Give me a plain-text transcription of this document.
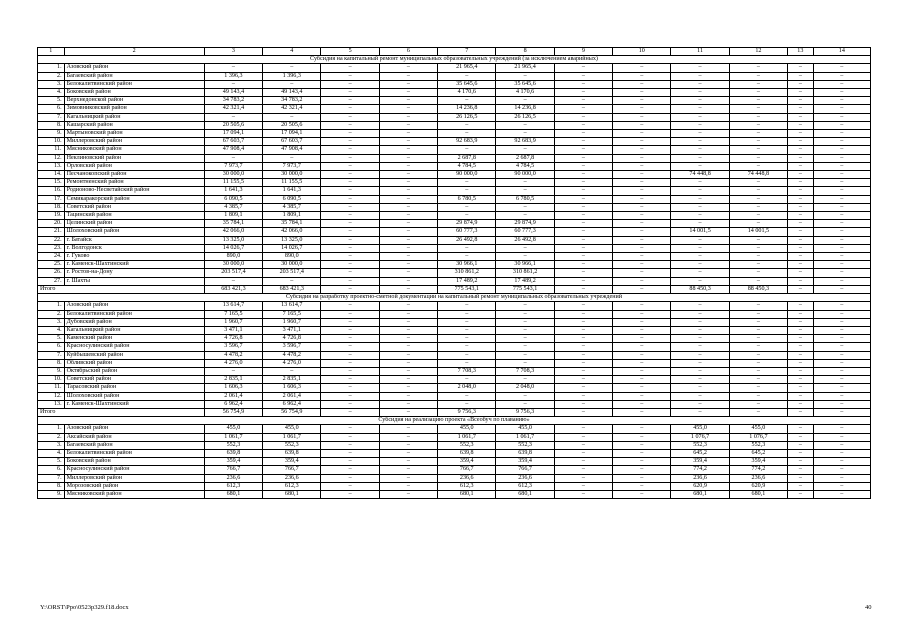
1	2	3	4	5	6	7	8	9	10	11	12	13	14
Субсидия на капитальный ремонт муниципальных образовательных учреждений (за исключением аварийных)													
1.	Азовский район	–	–	–	–	21 965,4	21 965,4	–	–	–	–	–	–
2.	Багаевский район	1 396,3	1 396,3	–	–	–	–	–	–	–	–	–	–
3.	Белокалитвинский район	–	–	–	–	35 645,6	35 645,6	–	–	–	–	–	–
4.	Боковский район	49 143,4	49 143,4	–	–	4 170,6	4 170,6	–	–	–	–	–	–
5.	Верхнедонской район	34 783,2	34 783,2	–	–	–	–	–	–	–	–	–	–
6.	Зимовниковский район	42 321,4	42 321,4	–	–	14 236,8	14 236,8	–	–	–	–	–	–
7.	Кагальницкий район	–	–	–	–	26 126,5	26 126,5	–	–	–	–	–	–
8.	Кашарский район	20 505,6	20 505,6	–	–	–	–	–	–	–	–	–	–
9.	Мартыновский район	17 094,1	17 094,1	–	–	–	–	–	–	–	–	–	–
10.	Миллеровский район	67 603,7	67 603,7	–	–	92 683,9	92 683,9	–	–	–	–	–	–
11.	Мясниковский район	47 908,4	47 908,4	–	–	–	–	–	–	–	–	–	–
12.	Неклиновский район	–	–	–	–	2 687,8	2 687,8	–	–	–	–	–	–
13.	Орловский район	7 973,7	7 973,7	–	–	4 784,5	4 784,5	–	–	–	–	–	–
14.	Песчанокопский район	30 000,0	30 000,0	–	–	90 000,0	90 000,0	–	–	74 448,8	74 448,8	–	–
15.	Ремонтненский район	11 155,5	11 155,5	–	–	–	–	–	–	–	–	–	–
16.	Родионово-Несветайский район	1 641,3	1 641,3	–	–	–	–	–	–	–	–	–	–
17.	Семикаракорский район	6 090,5	6 090,5	–	–	6 780,5	6 780,5	–	–	–	–	–	–
18.	Советский район	4 385,7	4 385,7	–	–	–	–	–	–	–	–	–	–
19.	Тацинский район	1 809,1	1 809,1	–	–	–	–	–	–	–	–	–	–
20.	Целинский район	35 784,1	35 784,1	–	–	29 874,9	29 874,9	–	–	–	–	–	–
21.	Шолоховский район	42 066,0	42 066,0	–	–	60 777,3	60 777,3	–	–	14 001,5	14 001,5	–	–
22.	г. Батайск	13 325,0	13 325,0	–	–	26 492,8	26 492,8	–	–	–	–	–	–
23.	г. Волгодонск	14 026,7	14 026,7	–	–	–	–	–	–	–	–	–	–
24.	г. Гуково	890,0	890,0	–	–	–	–	–	–	–	–	–	–
25.	г. Каменск-Шахтинский	30 000,0	30 000,0	–	–	30 966,1	30 966,1	–	–	–	–	–	–
26.	г. Ростов-на-Дону	203 517,4	203 517,4	–	–	310 861,2	310 861,2	–	–	–	–	–	–
27.	г. Шахты	–	–	–	–	17 489,2	17 489,2	–	–	–	–	–	–
Итого		683 421,3	683 421,3	–	–	775 543,1	775 543,1	–	–	88 450,3	88 450,3	–	–
Субсидия на разработку проектно-сметной документации на капитальный ремонт муниципальных образовательных учреждений													
1.	Азовский район	13 614,7	13 614,7	–	–	–	–	–	–	–	–	–	–
2.	Белокалитвинский район	7 165,5	7 165,5	–	–	–	–	–	–	–	–	–	–
3.	Дубовский район	1 960,7	1 960,7	–	–	–	–	–	–	–	–	–	–
4.	Кагальницкий район	3 471,1	3 471,1	–	–	–	–	–	–	–	–	–	–
5.	Каменский район	4 726,8	4 726,8	–	–	–	–	–	–	–	–	–	–
6.	Красносулинский район	3 596,7	3 596,7	–	–	–	–	–	–	–	–	–	–
7.	Куйбышевский район	4 478,2	4 478,2	–	–	–	–	–	–	–	–	–	–
8.	Обливский район	4 276,0	4 276,0	–	–	–	–	–	–	–	–	–	–
9.	Октябрьский район	–	–	–	–	7 708,3	7 708,3	–	–	–	–	–	–
10.	Советский район	2 835,1	2 835,1	–	–	–	–	–	–	–	–	–	–
11.	Тарасовский район	1 606,3	1 606,3	–	–	2 048,0	2 048,0	–	–	–	–	–	–
12.	Шолоховский район	2 061,4	2 061,4	–	–	–	–	–	–	–	–	–	–
13.	г. Каменск-Шахтинский	6 962,4	6 962,4	–	–	–	–	–	–	–	–	–	–
Итого		56 754,9	56 754,9	–	–	9 756,3	9 756,3	–	–	–	–	–	–
Субсидия на реализацию проекта «Всеобуч по плаванию»													
1.	Азовский район	455,0	455,0	–	–	455,0	455,0	–	–	455,0	455,0	–	–
2.	Аксайский район	1 061,7	1 061,7	–	–	1 061,7	1 061,7	–	–	1 076,7	1 076,7	–	–
3.	Багаевский район	552,3	552,3	–	–	552,3	552,3	–	–	552,3	552,3	–	–
4.	Белокалитвинский район	639,8	639,8	–	–	639,8	639,8	–	–	645,2	645,2	–	–
5.	Боковский район	359,4	359,4	–	–	359,4	359,4	–	–	359,4	359,4	–	–
6.	Красносулинский район	766,7	766,7	–	–	766,7	766,7	–	–	774,2	774,2	–	–
7.	Миллеровский район	236,6	236,6	–	–	236,6	236,6	–	–	236,6	236,6	–	–
8.	Морозовский район	612,3	612,3	–	–	612,3	612,3	–	–	620,9	620,9	–	–
9.	Мясниковский район	680,1	680,1	–	–	680,1	680,1	–	–	680,1	680,1	–	–
Y:\ORST\Ppo\0523p329.f18.docx	40
